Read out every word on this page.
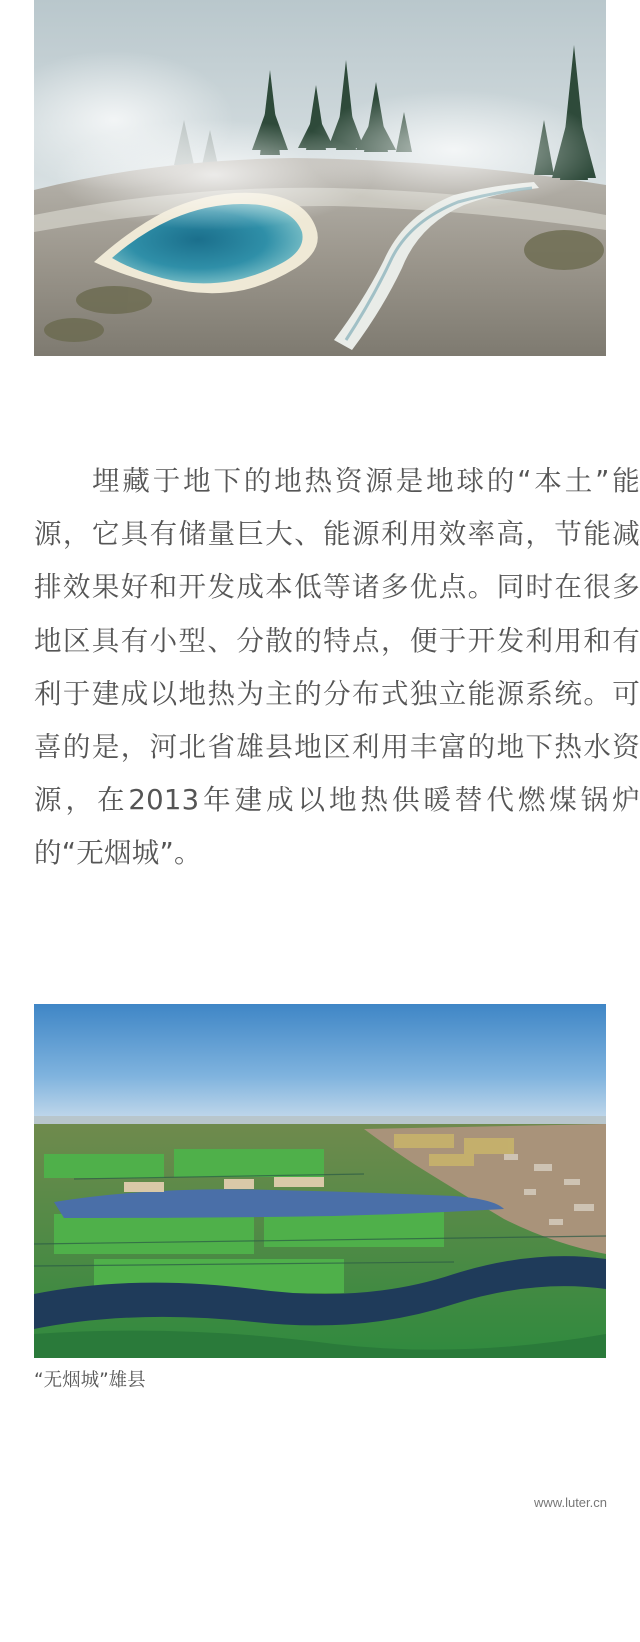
埋藏于地下的地热资源是地球的“本土”能源，它具有储量巨大、能源利用效率高，节能减排效果好和开发成本低等诸多优点。同时在很多地区具有小型、分散的特点，便于开发利用和有利于建成以地热为主的分布式独立能源系统。可喜的是，河北省雄县地区利用丰富的地下热水资源，在2013年建成以地热供暖替代燃煤锅炉的“无烟城”。

“无烟城”雄县
www.luter.cn
